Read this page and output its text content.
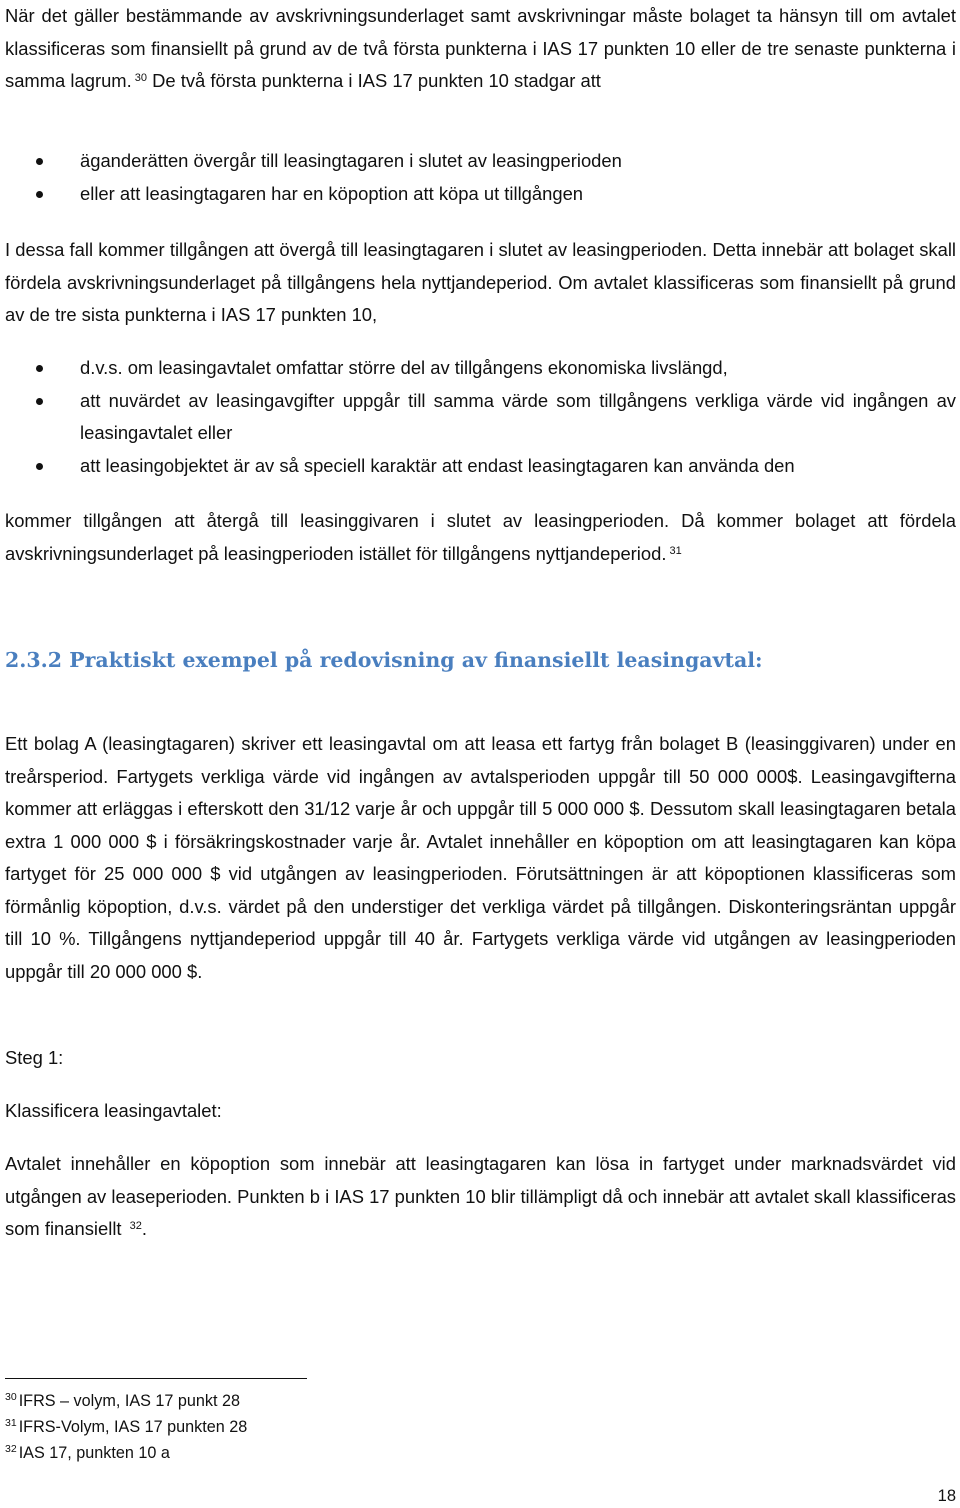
När det gäller bestämmande av avskrivningsunderlaget samt avskrivningar måste bolaget ta hänsyn till om avtalet klassificeras som finansiellt på grund av de två första punkterna i IAS 17 punkten 10 eller de tre senaste punkterna i samma lagrum. $^{30}$ De två första punkterna i IAS 17 punkten 10 stadgar att

äganderätten övergår till leasingtagaren i slutet av leasingperioden
eller att leasingtagaren har en köpoption att köpa ut tillgången

I dessa fall kommer tillgången att övergå till leasingtagaren i slutet av leasingperioden. Detta innebär att bolaget skall fördela avskrivningsunderlaget på tillgångens hela nyttjandeperiod. Om avtalet klassificeras som finansiellt på grund av de tre sista punkterna i IAS 17 punkten 10,

d.v.s. om leasingavtalet omfattar större del av tillgångens ekonomiska livslängd,
att nuvärdet av leasingavgifter uppgår till samma värde som tillgångens verkliga värde vid ingången av leasingavtalet eller
att leasingobjektet är av så speciell karaktär att endast leasingtagaren kan använda den

kommer tillgången att återgå till leasinggivaren i slutet av leasingperioden. Då kommer bolaget att fördela avskrivningsunderlaget på leasingperioden istället för tillgångens nyttjandeperiod. $^{31}$

2.3.2 Praktiskt exempel på redovisning av finansiellt leasingavtal:

Ett bolag A (leasingtagaren) skriver ett leasingavtal om att leasa ett fartyg från bolaget B (leasinggivaren) under en treårsperiod. Fartygets verkliga värde vid ingången av avtalsperioden uppgår till 50 000 000$. Leasingavgifterna kommer att erläggas i efterskott den 31/12 varje år och uppgår till 5 000 000 $. Dessutom skall leasingtagaren betala extra 1 000 000 $ i försäkringskostnader varje år. Avtalet innehåller en köpoption om att leasingtagaren kan köpa fartyget för 25 000 000 $ vid utgången av leasingperioden. Förutsättningen är att köpoptionen klassificeras som förmånlig köpoption, d.v.s. värdet på den understiger det verkliga värdet på tillgången. Diskonteringsräntan uppgår till 10 %. Tillgångens nyttjandeperiod uppgår till 40 år. Fartygets verkliga värde vid utgången av leasingperioden uppgår till 20 000 000 $.

Steg 1:
Klassificera leasingavtalet:

Avtalet innehåller en köpoption som innebär att leasingtagaren kan lösa in fartyget under marknadsvärdet vid utgången av leaseperioden. Punkten b i IAS 17 punkten 10 blir tillämpligt då och innebär att avtalet skall klassificeras som finansiellt $^{32}$.

$^{30}$ IFRS – volym, IAS 17 punkt 28
$^{31}$ IFRS-Volym, IAS 17 punkten 28
$^{32}$ IAS 17, punkten 10 a
18
